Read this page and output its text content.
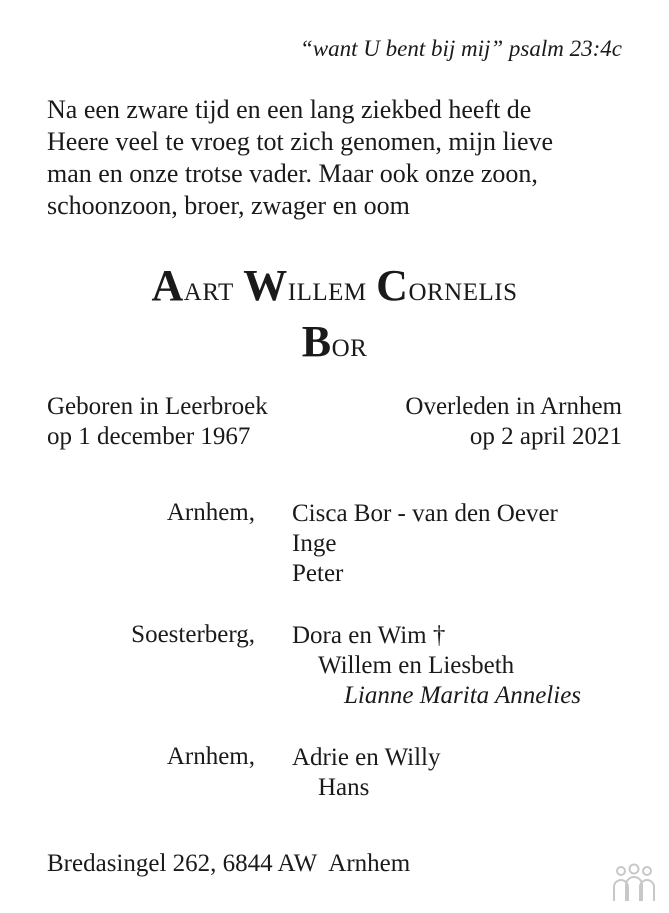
“want U bent bij mij” psalm 23:4c
Na een zware tijd en een lang ziekbed heeft de
Heere veel te vroeg tot zich genomen, mijn lieve
man en onze trotse vader. Maar ook onze zoon,
schoonzoon, broer, zwager en oom
Aart Willem Cornelis
Bor
Geboren in Leerbroek
op 1 december 1967
Overleden in Arnhem
op 2 april 2021
Arnhem, Cisca Bor - van den Oever
Inge
Peter
Soesterberg, Dora en Wim †
Willem en Liesbeth
Lianne Marita Annelies
Arnhem, Adrie en Willy
Hans
Bredasingel 262, 6844 AW  Arnhem
